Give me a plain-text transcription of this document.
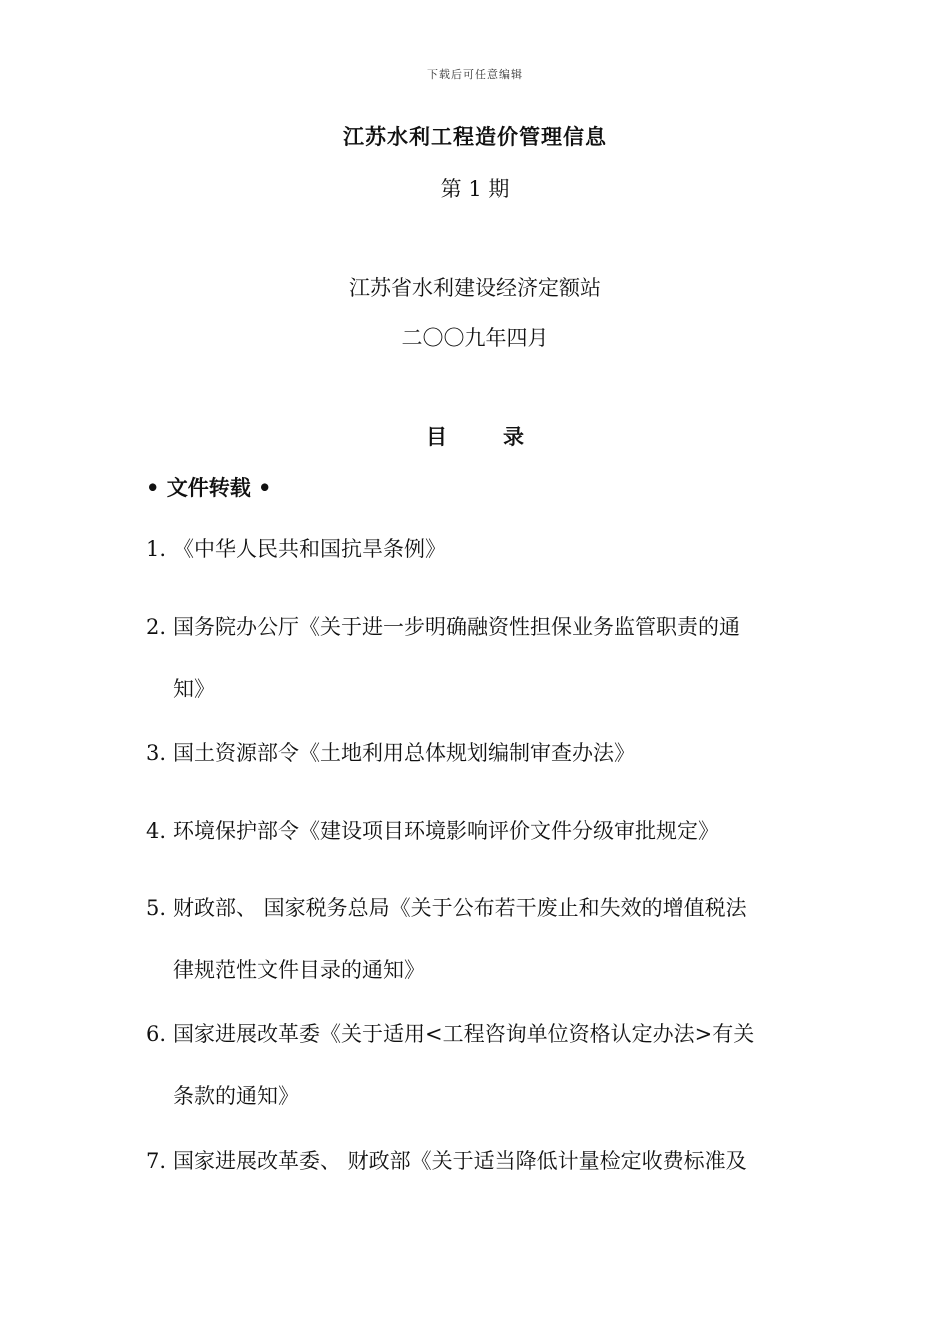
下载后可任意编辑
江苏水利工程造价管理信息
第 1 期
江苏省水利建设经济定额站
二〇〇九年四月
目	录
• 文件转载 •
1. 《中华人民共和国抗旱条例》
2. 国务院办公厅《关于进一步明确融资性担保业务监管职责的通
知》
3. 国土资源部令《土地利用总体规划编制审查办法》
4. 环境保护部令《建设项目环境影响评价文件分级审批规定》
5. 财政部、 国家税务总局《关于公布若干废止和失效的增值税法
律规范性文件目录的通知》
6. 国家进展改革委《关于适用<工程咨询单位资格认定办法>有关
条款的通知》
7. 国家进展改革委、 财政部《关于适当降低计量检定收费标准及
